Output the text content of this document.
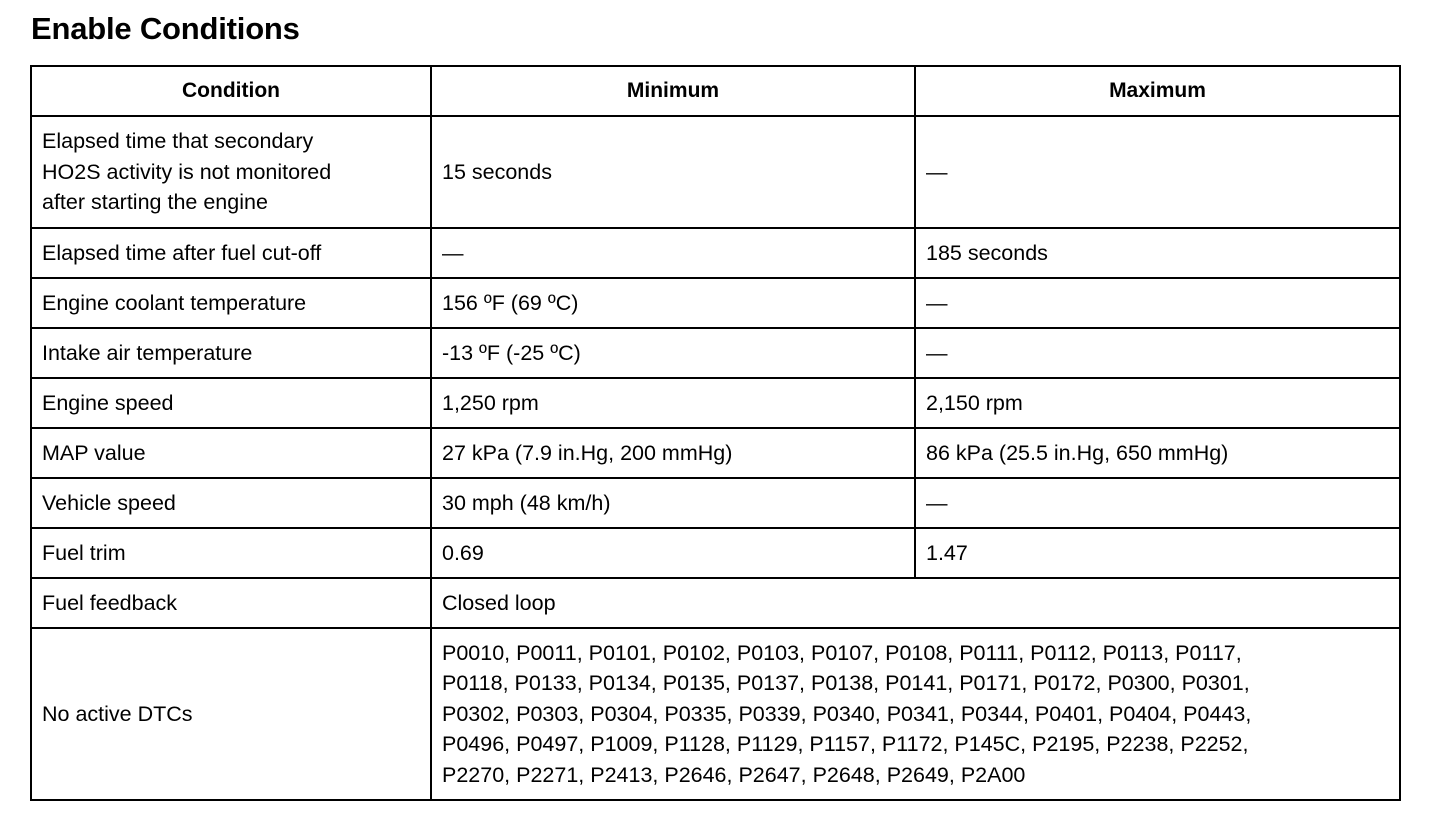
Enable Conditions
Condition	Minimum	Maximum
Elapsed time that secondary
HO2S activity is not monitored
after starting the engine	15 seconds	—
Elapsed time after fuel cut-off	—	185 seconds
Engine coolant temperature	156 ºF (69 ºC)	—
Intake air temperature	-13 ºF (-25 ºC)	—
Engine speed	1,250 rpm	2,150 rpm
MAP value	27 kPa (7.9 in.Hg, 200 mmHg)	86 kPa (25.5 in.Hg, 650 mmHg)
Vehicle speed	30 mph (48 km/h)	—
Fuel trim	0.69	1.47
Fuel feedback	Closed loop	
No active DTCs	P0010, P0011, P0101, P0102, P0103, P0107, P0108, P0111, P0112, P0113, P0117,
P0118, P0133, P0134, P0135, P0137, P0138, P0141, P0171, P0172, P0300, P0301,
P0302, P0303, P0304, P0335, P0339, P0340, P0341, P0344, P0401, P0404, P0443,
P0496, P0497, P1009, P1128, P1129, P1157, P1172, P145C, P2195, P2238, P2252,
P2270, P2271, P2413, P2646, P2647, P2648, P2649, P2A00	
